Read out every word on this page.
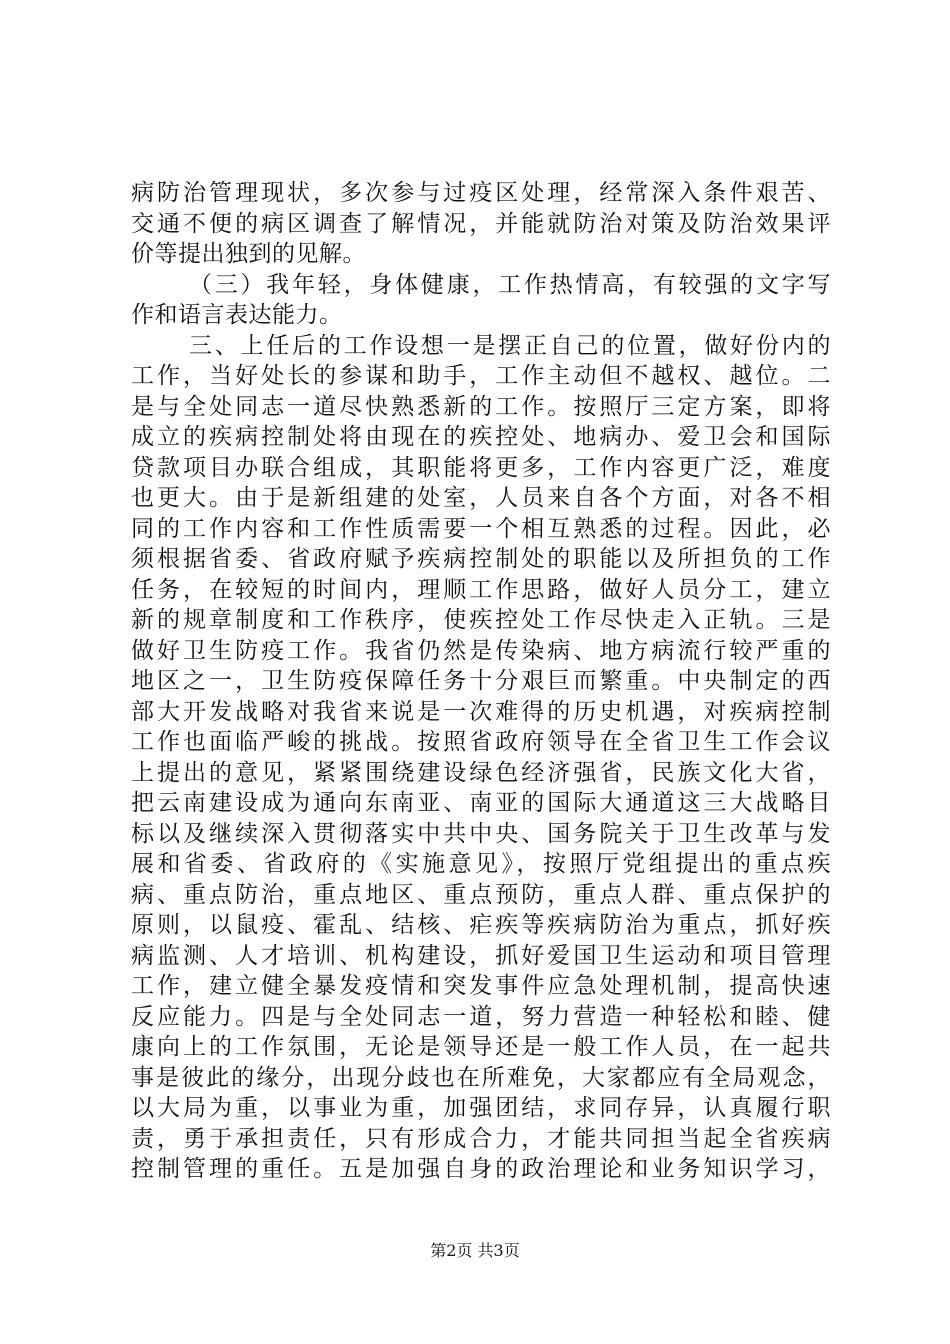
病防治管理现状，多次参与过疫区处理，经常深入条件艰苦、
交通不便的病区调查了解情况，并能就防治对策及防治效果评
价等提出独到的见解。
（三）我年轻，身体健康，工作热情高，有较强的文字写
作和语言表达能力。
三、上任后的工作设想一是摆正自己的位置，做好份内的
工作，当好处长的参谋和助手，工作主动但不越权、越位。二
是与全处同志一道尽快熟悉新的工作。按照厅三定方案，即将
成立的疾病控制处将由现在的疾控处、地病办、爱卫会和国际
贷款项目办联合组成，其职能将更多，工作内容更广泛，难度
也更大。由于是新组建的处室，人员来自各个方面，对各不相
同的工作内容和工作性质需要一个相互熟悉的过程。因此，必
须根据省委、省政府赋予疾病控制处的职能以及所担负的工作
任务，在较短的时间内，理顺工作思路，做好人员分工，建立
新的规章制度和工作秩序，使疾控处工作尽快走入正轨。三是
做好卫生防疫工作。我省仍然是传染病、地方病流行较严重的
地区之一，卫生防疫保障任务十分艰巨而繁重。中央制定的西
部大开发战略对我省来说是一次难得的历史机遇，对疾病控制
工作也面临严峻的挑战。按照省政府领导在全省卫生工作会议
上提出的意见，紧紧围绕建设绿色经济强省，民族文化大省，
把云南建设成为通向东南亚、南亚的国际大通道这三大战略目
标以及继续深入贯彻落实中共中央、国务院关于卫生改革与发
展和省委、省政府的《实施意见》，按照厅党组提出的重点疾
病、重点防治，重点地区、重点预防，重点人群、重点保护的
原则，以鼠疫、霍乱、结核、疟疾等疾病防治为重点，抓好疾
病监测、人才培训、机构建设，抓好爱国卫生运动和项目管理
工作，建立健全暴发疫情和突发事件应急处理机制，提高快速
反应能力。四是与全处同志一道，努力营造一种轻松和睦、健
康向上的工作氛围，无论是领导还是一般工作人员，在一起共
事是彼此的缘分，出现分歧也在所难免，大家都应有全局观念，
以大局为重，以事业为重，加强团结，求同存异，认真履行职
责，勇于承担责任，只有形成合力，才能共同担当起全省疾病
控制管理的重任。五是加强自身的政治理论和业务知识学习，
第2页 共3页
